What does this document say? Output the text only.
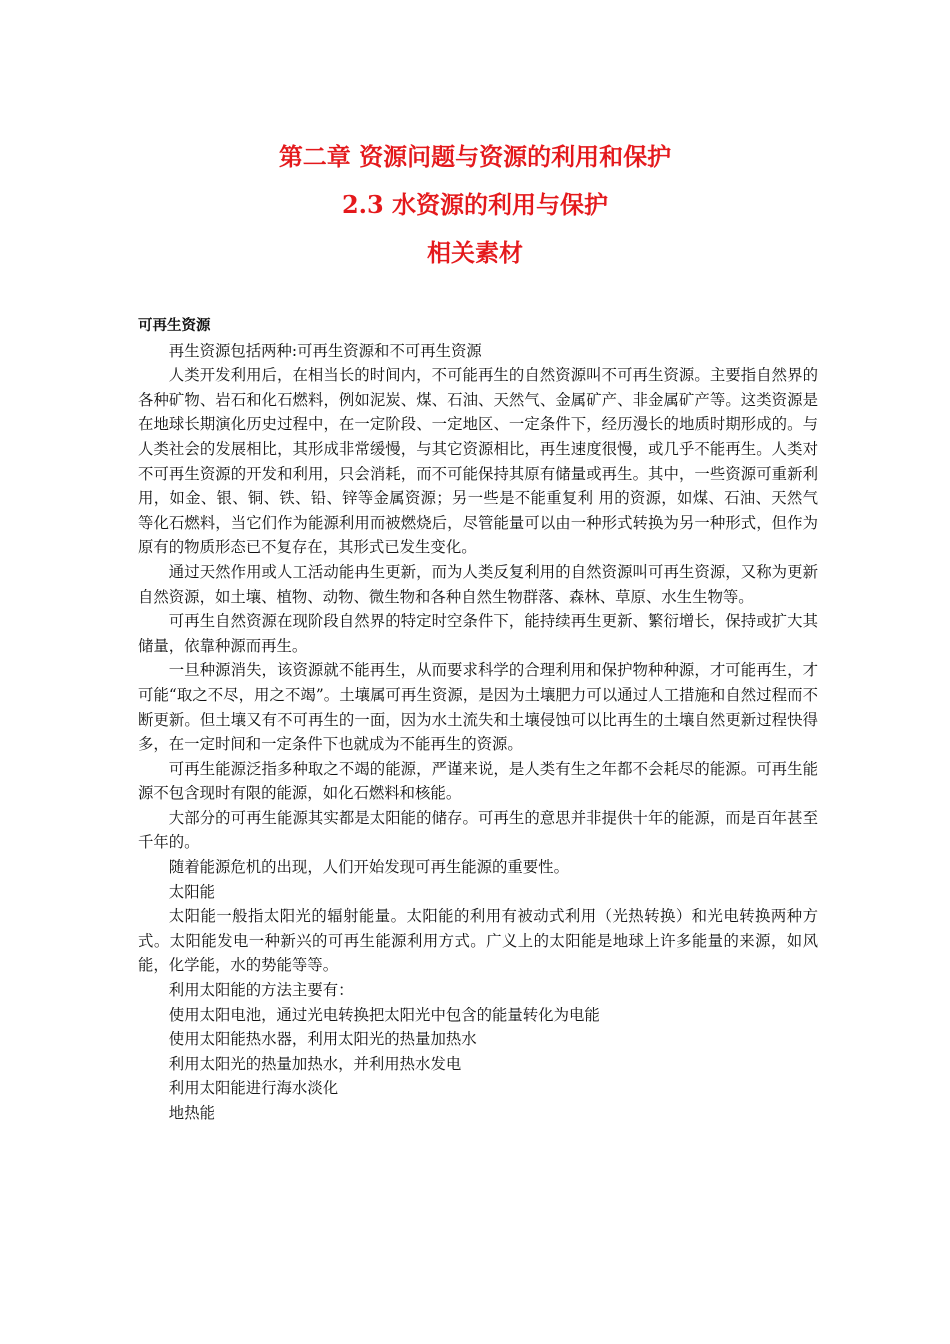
第二章 资源问题与资源的利用和保护
2.3 水资源的利用与保护
相关素材
可再生资源
再生资源包括两种:可再生资源和不可再生资源
人类开发利用后，在相当长的时间内，不可能再生的自然资源叫不可再生资源。主要指自然界的各种矿物、岩石和化石燃料，例如泥炭、煤、石油、天然气、金属矿产、非金属矿产等。这类资源是在地球长期演化历史过程中，在一定阶段、一定地区、一定条件下，经历漫长的地质时期形成的。与人类社会的发展相比，其形成非常缓慢，与其它资源相比，再生速度很慢，或几乎不能再生。人类对不可再生资源的开发和利用，只会消耗，而不可能保持其原有储量或再生。其中，一些资源可重新利用，如金、银、铜、铁、铅、锌等金属资源；另一些是不能重复利 用的资源，如煤、石油、天然气等化石燃料，当它们作为能源利用而被燃烧后，尽管能量可以由一种形式转换为另一种形式，但作为原有的物质形态已不复存在，其形式已发生变化。
通过天然作用或人工活动能冉生更新，而为人类反复利用的自然资源叫可再生资源，又称为更新自然资源，如土壤、植物、动物、微生物和各种自然生物群落、森林、草原、水生生物等。
可再生自然资源在现阶段自然界的特定时空条件下，能持续再生更新、繁衍增长，保持或扩大其储量，依靠种源而再生。
一旦种源消失，该资源就不能再生，从而要求科学的合理利用和保护物种种源，才可能再生，才可能“取之不尽，用之不竭”。土壤属可再生资源，是因为土壤肥力可以通过人工措施和自然过程而不断更新。但土壤又有不可再生的一面，因为水土流失和土壤侵蚀可以比再生的土壤自然更新过程快得多，在一定时间和一定条件下也就成为不能再生的资源。
可再生能源泛指多种取之不竭的能源，严谨来说，是人类有生之年都不会耗尽的能源。可再生能源不包含现时有限的能源，如化石燃料和核能。
大部分的可再生能源其实都是太阳能的储存。可再生的意思并非提供十年的能源，而是百年甚至千年的。
随着能源危机的出现，人们开始发现可再生能源的重要性。
太阳能
太阳能一般指太阳光的辐射能量。太阳能的利用有被动式利用（光热转换）和光电转换两种方式。太阳能发电一种新兴的可再生能源利用方式。广义上的太阳能是地球上许多能量的来源，如风能，化学能，水的势能等等。
利用太阳能的方法主要有：
使用太阳电池，通过光电转换把太阳光中包含的能量转化为电能
使用太阳能热水器，利用太阳光的热量加热水
利用太阳光的热量加热水，并利用热水发电
利用太阳能进行海水淡化
地热能
